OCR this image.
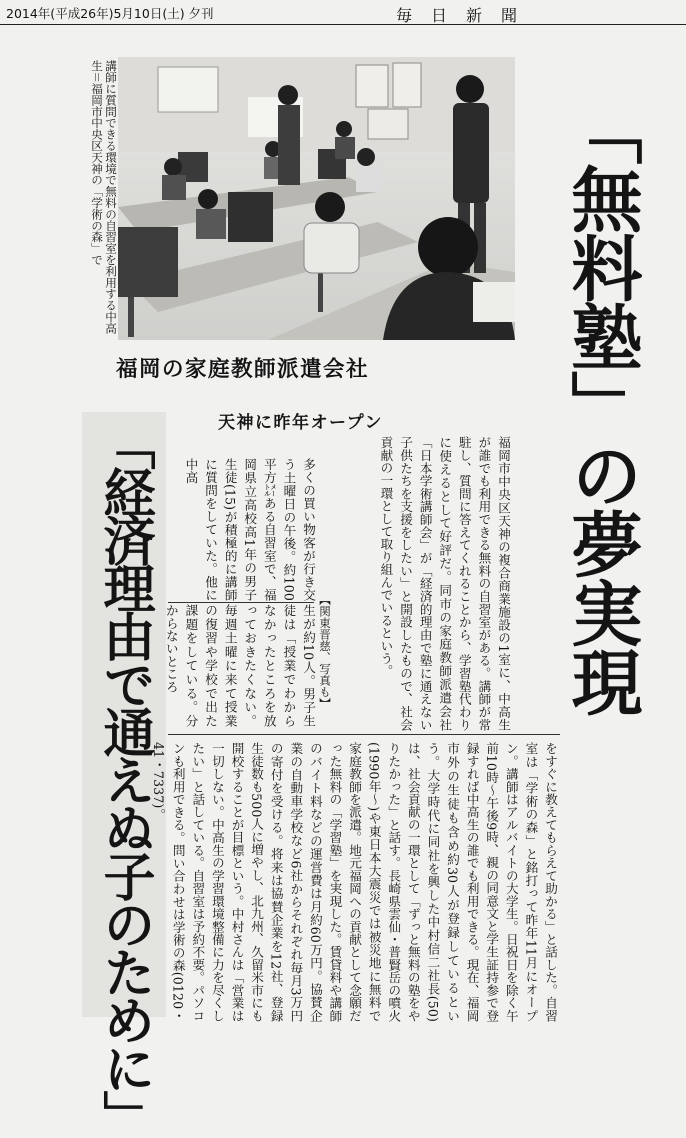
2014年(平成26年)5月10日(土) 夕刊	毎日新聞
講師に質問できる環境で無料の自習室を利用する中高生＝福岡市中央区天神の「学術の森」で	「無料塾」の夢実現
福岡の家庭教師派遣会社
天神に昨年オープン
「経済理由で通えぬ子のために」	福岡市中央区天神の複合商業施設の1室に、中高生が誰でも利用できる無料の自習室がある。講師が常駐し、質問に答えてくれることから、学習塾代わりに使えるとして好評だ。同市の家庭教師派遣会社「日本学術講師会」が「経済的理由で塾に通えない子供たちを支援をしたい」と開設したもので、社会貢献の一環として取り組んでいるという。
多くの買い物客が行き交う土曜日の午後。約100平方㍍ある自習室で、福岡県立高校高1年の男子生徒(15)が積極的に講師に質問をしていた。他に中高
【関東晋慈、写真も】
生が約10人。男子生徒は「授業でわからなかったところを放っておきたくない。毎週土曜に来て授業の復習や学校で出た課題をしている。分からないところ
をすぐに教えてもらえて助かる」と話した。自習室は「学術の森」と銘打って昨年11月にオープン。講師はアルバイトの大学生。日祝日を除く午前10時～午後9時、親の同意文と学生証持参で登録すれば中高生の誰でも利用できる。現在、福岡市外の生徒も含め約30人が登録しているという。大学時代に同社を興した中村信二社長(50)は、社会貢献の一環として「ずっと無料の塾をやりたかった」と話す。長崎県雲仙・普賢岳の噴火(1990年～)や東日本大震災では被災地に無料で家庭教師を派遣。地元福岡への貢献として念願だった無料の「学習塾」を実現した。賃貸料や講師のバイト料などの運営費は月約60万円。協賛企業の自動車学校など6社からそれぞれ毎月3万円の寄付を受ける。将来は協賛企業を12社、登録生徒数も500人に増やし、北九州、久留米市にも開校することが目標という。中村さんは「営業は一切しない。中高生の学習環境整備に力を尽くしたい」と話している。自習室は予約不要。パソコンも利用できる。問い合わせは学術の森(0120・41・7337)。
